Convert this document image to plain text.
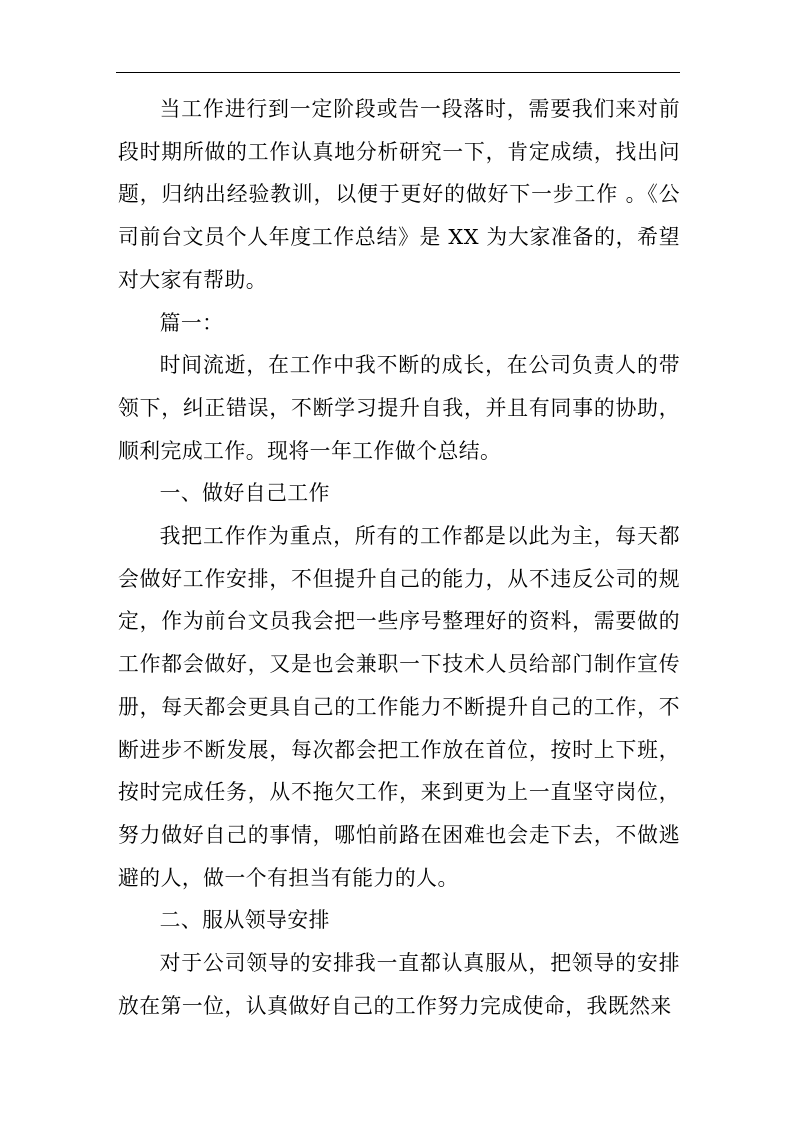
当工作进行到一定阶段或告一段落时，需要我们来对前段时期所做的工作认真地分析研究一下，肯定成绩，找出问题，归纳出经验教训，以便于更好的做好下一步工作 。《公司前台文员个人年度工作总结》是 XX 为大家准备的，希望对大家有帮助。

篇一：

时间流逝，在工作中我不断的成长，在公司负责人的带领下，纠正错误，不断学习提升自我，并且有同事的协助，顺利完成工作。现将一年工作做个总结。

一、做好自己工作

我把工作作为重点，所有的工作都是以此为主，每天都会做好工作安排，不但提升自己的能力，从不违反公司的规定，作为前台文员我会把一些序号整理好的资料，需要做的工作都会做好，又是也会兼职一下技术人员给部门制作宣传册，每天都会更具自己的工作能力不断提升自己的工作，不断进步不断发展，每次都会把工作放在首位，按时上下班，按时完成任务，从不拖欠工作，来到更为上一直坚守岗位，努力做好自己的事情，哪怕前路在困难也会走下去，不做逃避的人，做一个有担当有能力的人。

二、服从领导安排

对于公司领导的安排我一直都认真服从，把领导的安排放在第一位，认真做好自己的工作努力完成使命，我既然来
